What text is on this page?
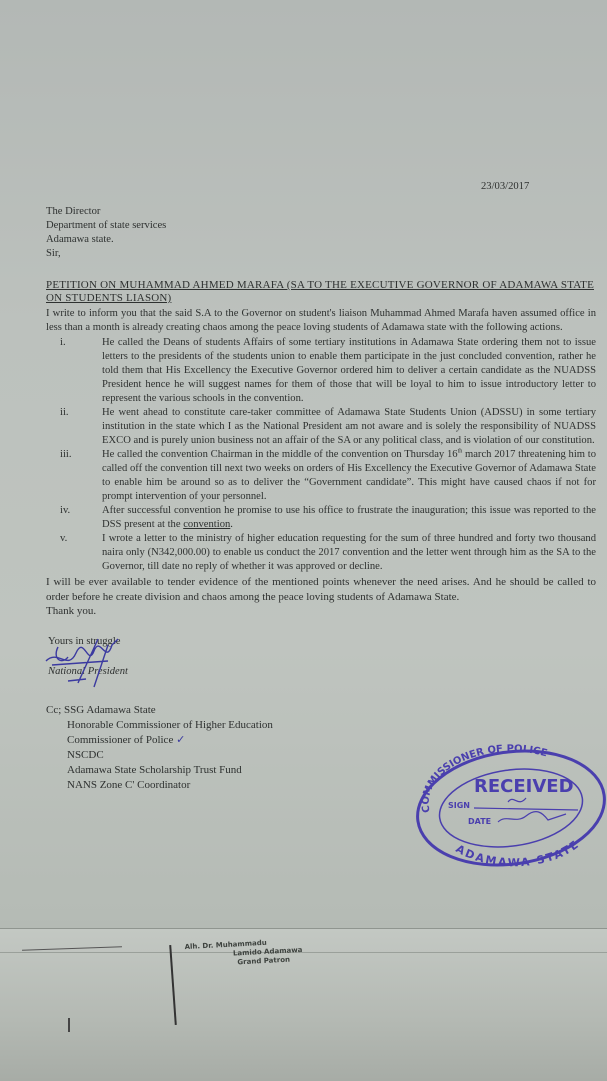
23/03/2017
The Director
Department of state services
Adamawa state.
Sir,
PETITION ON MUHAMMAD AHMED MARAFA (SA TO THE EXECUTIVE GOVERNOR OF ADAMAWA STATE ON STUDENTS LIASON)
I write to inform you that the said S.A to the Governor on student's liaison Muhammad Ahmed Marafa haven assumed office in less than a month is already creating chaos among the peace loving students of Adamawa state with the following actions.
i.	He called the Deans of students Affairs of some tertiary institutions in Adamawa State ordering them not to issue letters to the presidents of the students union to enable them participate in the just concluded convention, rather he told them that His Excellency the Executive Governor ordered him to deliver a certain candidate as the NUADSS President hence he will suggest names for them of those that will be loyal to him to issue introductory letter to represent the various schools in the convention.
ii.	He went ahead to constitute care-taker committee of Adamawa State Students Union (ADSSU) in some tertiary institution in the state which I as the National President am not aware and is solely the responsibility of NUADSS EXCO and is purely union business not an affair of the SA or any political class, and is violation of our constitution.
iii.	He called the convention Chairman in the middle of the convention on Thursday 16th march 2017 threatening him to called off the convention till next two weeks on orders of His Excellency the Executive Governor of Adamawa State to enable him be around so as to deliver the “Government candidate”. This might have caused chaos if not for prompt intervention of your personnel.
iv.	After successful convention he promise to use his office to frustrate the inauguration; this issue was reported to the DSS present at the convention.
v.	I wrote a letter to the ministry of higher education requesting for the sum of three hundred and forty two thousand naira only (N342,000.00) to enable us conduct the 2017 convention and the letter went through him as the SA to the Governor, till date no reply of whether it was approved or decline.
I will be ever available to tender evidence of the mentioned points whenever the need arises. And he should be called to order before he create division and chaos among the peace loving students of Adamawa State.
Thank you.
Yours in struggle
National President
Cc; SSG Adamawa State
Honorable Commissioner of Higher Education
Commissioner of Police ✓
NSCDC
Adamawa State Scholarship Trust Fund
NANS Zone C' Coordinator
COMMISSIONER OF POLICE
ADAMAWA STATE
RECEIVED
SIGN
DATE
Alh. Dr. Muhammadu
Lamido Adamawa
Grand Patron
